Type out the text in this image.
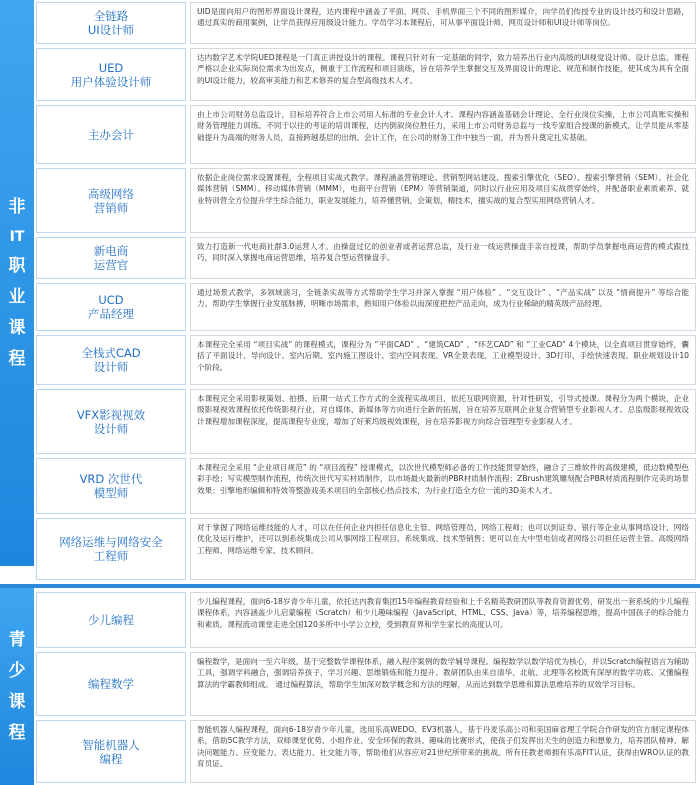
非
IT
职
业
课
程
青
少
课
程
全链路
UI设计师
UID是面向用户的图形界面设计课程，达内课程中涵盖了平面、网页、手机界面三个不同的图形媒介，向学员们传授专业的设计技巧和设计思路，通过真实的商用案例，让学员获得应用级设计能力。学员学习本课程后，可从事平面设计师，网页设计师和UI设计师等岗位。
UED
用户体验设计师
达内数字艺术学院UED课程是一门真正讲授设计的课程。课程只针对有一定基础的同学，致力培养出行业内高级的UI视觉设计师、设计总监。课程严格以企业实际岗位需求为出发点，侧重于工作流程和项目演练，旨在培养学生掌握交互及界面设计的理论、规范和制作技能，使其成为具有全面的UI设计能力，较高审美能力和艺术修养的复合型高级技术人才。
主办会计
由上市公司财务总监设计，目标培养符合上市公司用人标准的专业会计人才。课程内容涵盖基础会计理论、全行业岗位实操，上市公司真账实操和财务管理能力训练。不同于以往的考证的培训课程，达内倒叙岗位胜任力，采用上市公司财务总监与一线专家组合授课的新模式，让学员能从零基础提升为高端的财务人员，直接跨越基层的出纳、会计工作，在公司的财务工作中独当一面，并为晋升奠定扎实基础。
高级网络
营销师
依据企业岗位需求设置课程，全程项目实战式教学。课程涵盖营销理论、营销型网站建设、搜索引擎优化（SEO）、搜索引擎营销（SEM）、社会化媒体营销（SMM）、移动媒体营销（MMM），电商平台营销（EPM）等营销渠道，同时以行业应用及项目实战贯穿始终，并配备职业素质素养、就业特训营全方位提升学生综合能力，职业发展能力，培养懂营销，会策划，精技术，擅实战的复合型实用网络营销人才。
新电商
运营官
致力打造新一代电商社群3.0运营人才。由操盘过亿的创业者或者运营总监，及行业一线运营操盘手亲自授课，帮助学员掌握电商运营的模式跟技巧，同时深入掌握电商运营思维，培养复合型运营操盘手。
UCD
产品经理
通过场景式教学，多领域演习，全链条实战等方式帮助学生学习并深入掌握 “用户体验” 、“交互设计” 、“产品实战” 以及 “情商提升” 等综合能力。帮助学生掌握行业发展脉搏，明晰市场需求，熟知用户体验以而深度把控产品走向，成为行业稀缺的精英级产品经理。
全栈式CAD
设计师
本课程完全采用 “项目实战” 的课程模式，课程分为 “平面CAD” 、“建筑CAD” 、“环艺CAD” 和 “工业CAD” 4个模块，以全真项目贯穿始终，囊括了平面设计、导向设计、室内后期、室内施工图设计、室内空间表现、VR全景表现、工业模型设计、3D打印、手绘快速表现、职业规划设计10个阶段。
VFX影视视效
设计师
本课程完全采用影视策划、拍摄、后期一站式工作方式的全流程实战项目，依托互联网资源，针对性研发，引导式授课。课程分为两个模块，企业级影视视效课程依托传统影视行业，对自媒体、新媒体等方向进行全新的拓展，旨在培养互联网企业复合营销型专业影视人才。总监级影视视效设计课程增加课程深度，提高课程专业度，增加了好莱坞级视效课程，旨在培养影视方向综合管理型专业影视人才。
VRD 次世代
模型师
本课程完全采用 “企业项目规范” 的 “项目流程” 授课模式，以次世代模型师必备的工作技能贯穿始终，融合了三维软件的高级建模，低边数模型色彩手绘；写实模型制作流程，传统次世代写实材质制作，以市场最火最新的PBR材质制作流程；ZBrush建筑雕刻配合PBR材质流程制作完美的场景效果；引擎地形编辑和特效等整游戏美术项目的全部核心热点技术，为行业打造全方位一流的3D美术人才。
网络运维与网络安全
工程师
对于掌握了网络运维技能的人才，可以在任何企业内担任信息化主管、网络管理员、网络工程师；也可以到证券、银行等企业从事网络设计、网络优化及运行维护，还可以到系统集成公司从事网络工程项目、系统集成、技术型销售；更可以在大中型电信或者网络公司担任运营主管、高级网络工程师、网络运维专家、技术顾问。
少儿编程
少儿编程课程，面向6-18岁青少年儿童，依托达内教育集团15年编程教育经验和上千名精英教研团队等教育资源优势，研发出一套系统的少儿编程课程体系，内容涵盖少儿启蒙编程（Scratch）和少儿趣味编程（JavaScript、HTML、CSS、Java）等，培养编程思维，提高中国孩子的综合能力和素质。课程流动课堂走进全国120多所中小学公立校，受到教育界和学生家长的高度认可。
编程数学
编程数学，是面向一至六年级，基于完整数学课程体系，融入程序案例的数学辅导课程。编程数学以数学培优为核心，并以Scratch编程语言为辅助工具，强调学科融合，强调培养孩子，学习兴趣、思维锻炼和能力提升。教研团队由来自清华、北航、北理等名校既有深厚的数学功底、又懂编程算法的学霸教师组成。 通过编程算法，帮助学生加深对数学概念和方法的理解，从而达到数学思维和算法思维培养的双效学习目标。
智能机器人
编程
智能机器人编程课程，面向6-18岁青少年儿童，选用乐高WEDO、EV3机器人，基于丹麦乐高公司和美国麻省理工学院合作研发的官方制定课程体系，借助5C教学方法，双师课堂优势、小组作业、安全环保的教具、趣味的比赛形式，使孩子们发挥出天生的创造力和想象力，培养团队精神、解决问题能力、应变能力、表达能力、社交能力等，帮助他们从容应对21世纪所带来的挑战。所有任教老师拥有乐高FIT认证，获得由WRO认证的教育员证。
